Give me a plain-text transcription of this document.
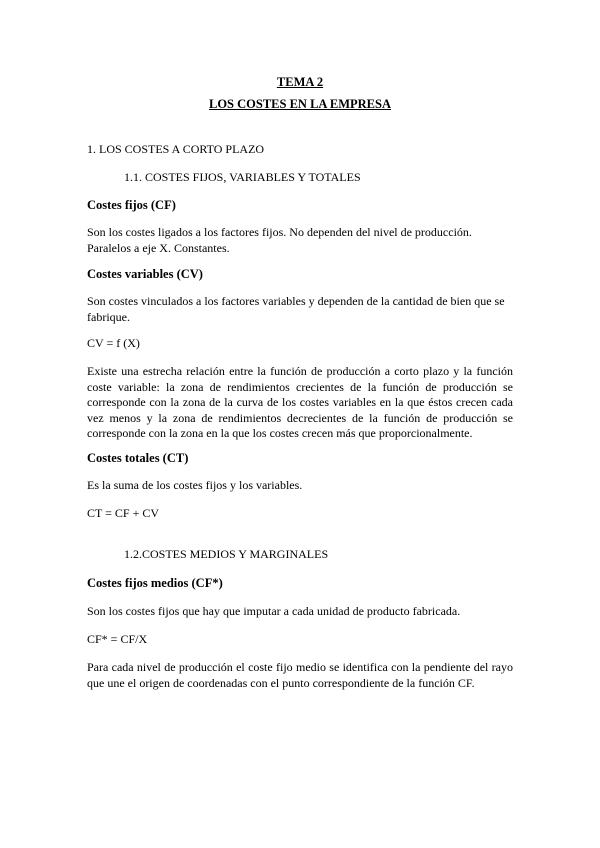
TEMA 2
LOS COSTES EN LA EMPRESA
1. LOS COSTES A CORTO PLAZO
1.1. COSTES FIJOS, VARIABLES Y TOTALES
Costes fijos (CF)
Son los costes ligados a los factores fijos. No dependen del nivel de producción. Paralelos a eje X. Constantes.
Costes variables (CV)
Son costes vinculados a los factores variables y dependen de la cantidad de bien que se fabrique.
CV = f (X)
Existe una estrecha relación entre la función de producción a corto plazo y la función coste variable: la zona de rendimientos crecientes de la función de producción se corresponde con la zona de la curva de los costes variables en la que éstos crecen cada vez menos y la zona de rendimientos decrecientes de la función de producción se corresponde con la zona en la que los costes crecen más que proporcionalmente.
Costes totales (CT)
Es la suma de los costes fijos y los variables.
CT = CF + CV
1.2.COSTES MEDIOS Y MARGINALES
Costes fijos medios (CF*)
Son los costes fijos que hay que imputar a cada unidad de producto fabricada.
CF* = CF/X
Para cada nivel de producción el coste fijo medio se identifica con la pendiente del rayo que une el origen de coordenadas con el punto correspondiente de la función CF.
